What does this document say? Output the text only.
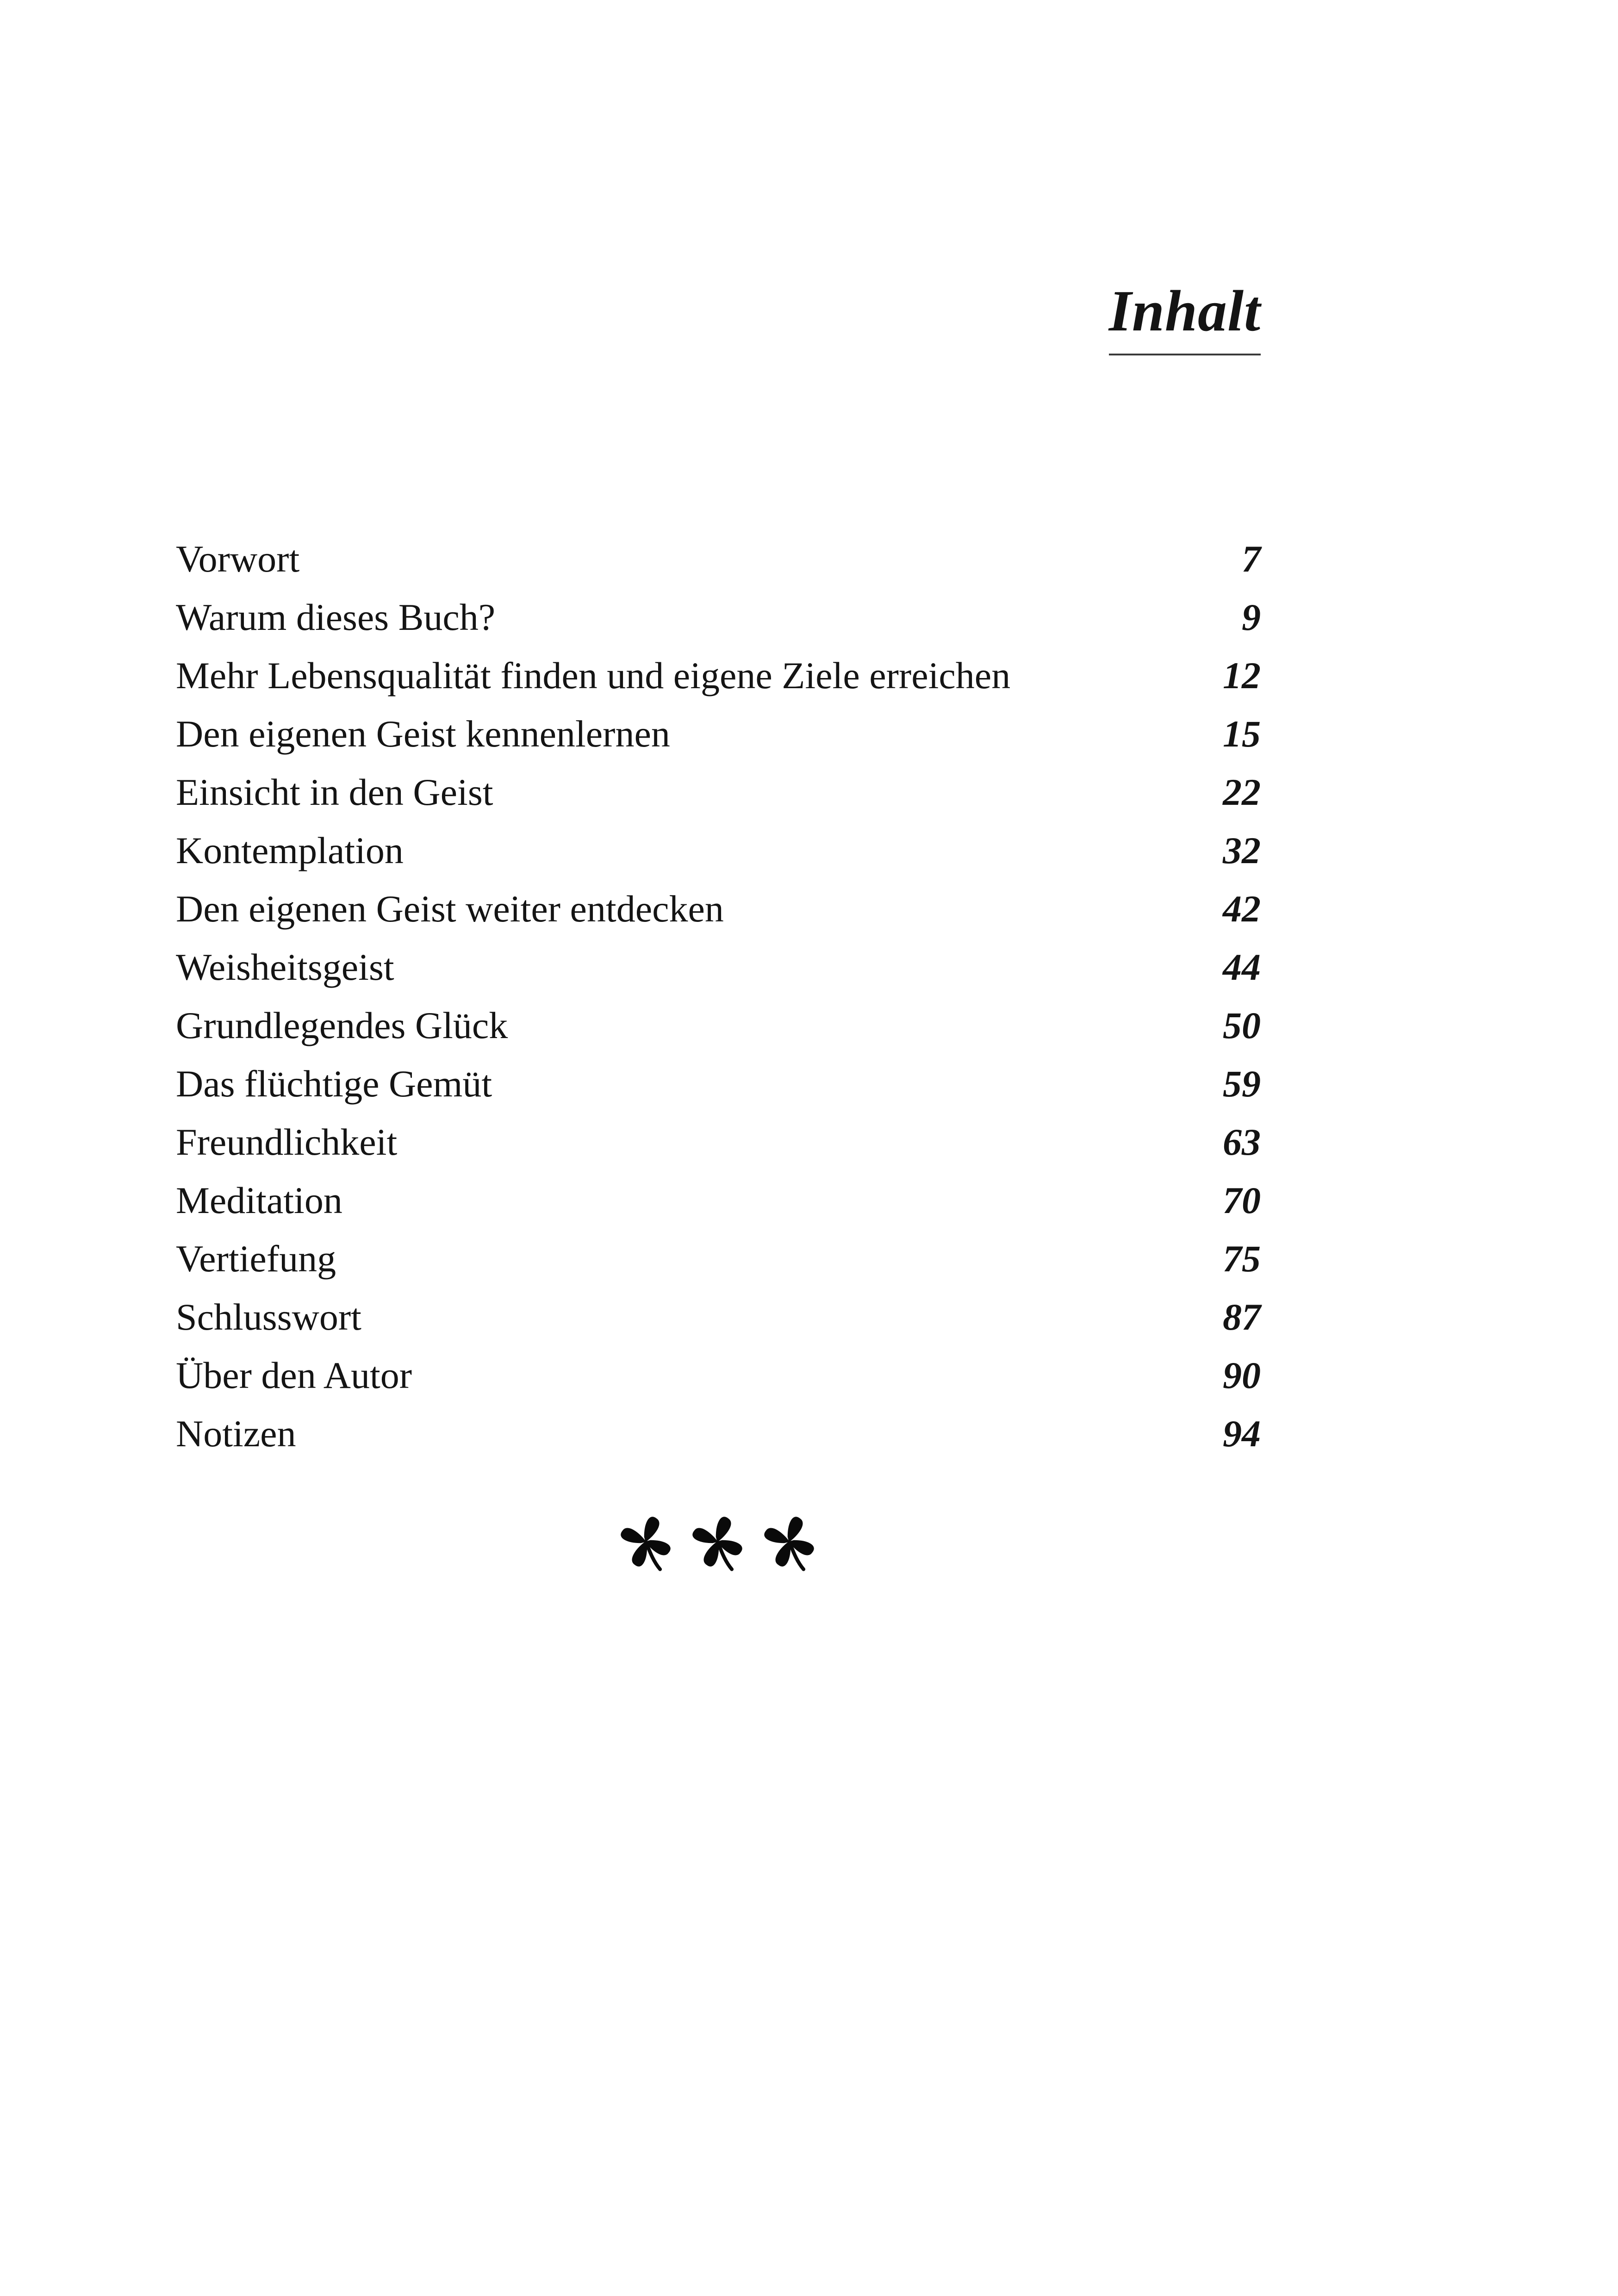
Inhalt
Vorwort	7
Warum dieses Buch?	9
Mehr Lebensqualität finden und eigene Ziele erreichen	12
Den eigenen Geist kennenlernen	15
Einsicht in den Geist	22
Kontemplation	32
Den eigenen Geist weiter entdecken	42
Weisheitsgeist	44
Grundlegendes Glück	50
Das flüchtige Gemüt	59
Freundlichkeit	63
Meditation	70
Vertiefung	75
Schlusswort	87
Über den Autor	90
Notizen	94
